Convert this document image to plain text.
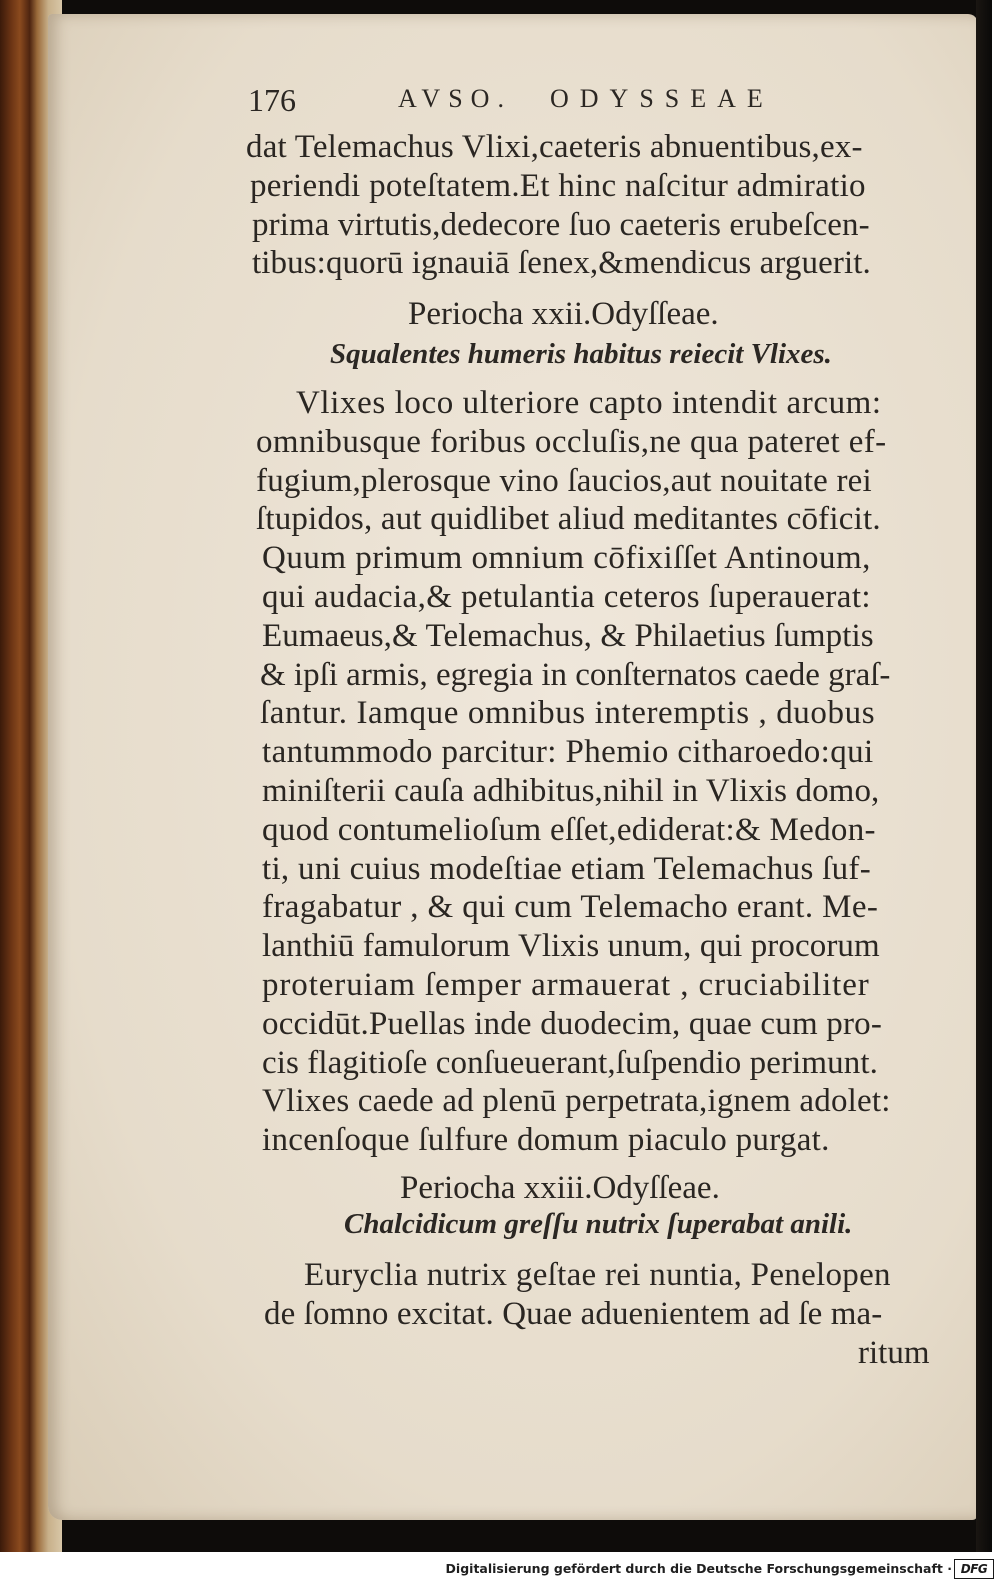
176	AVSO. ODYSSEAE
dat Telemachus Vlixi,caeteris abnuentibus,ex-
periendi poteſtatem.Et hinc naſcitur admiratio
prima virtutis,dedecore ſuo caeteris erubeſcen-
tibus:quorū ignauiā ſenex,&mendicus arguerit.
Periocha xxii.Odyſſeae.
Squalentes humeris habitus reiecit Vlixes.
Vlixes loco ulteriore capto intendit arcum:
omnibusque foribus occluſis,ne qua pateret ef-
fugium,plerosque vino ſaucios,aut nouitate rei
ſtupidos, aut quidlibet aliud meditantes cōficit.
Quum primum omnium cōfixiſſet Antinoum,
qui audacia,& petulantia ceteros ſuperauerat:
Eumaeus,& Telemachus, & Philaetius ſumptis
& ipſi armis, egregia in conſternatos caede graſ-
ſantur. Iamque omnibus interemptis , duobus
tantummodo parcitur: Phemio citharoedo:qui
miniſterii cauſa adhibitus,nihil in Vlixis domo,
quod contumelioſum eſſet,ediderat:& Medon-
ti, uni cuius modeſtiae etiam Telemachus ſuf-
fragabatur , & qui cum Telemacho erant. Me-
lanthiū famulorum Vlixis unum, qui procorum
proteruiam ſemper armauerat , cruciabiliter
occidūt.Puellas inde duodecim, quae cum pro-
cis flagitioſe conſueuerant,ſuſpendio perimunt.
Vlixes caede ad plenū perpetrata,ignem adolet:
incenſoque ſulfure domum piaculo purgat.
Periocha xxiii.Odyſſeae.
Chalcidicum greſſu nutrix ſuperabat anili.
Euryclia nutrix geſtae rei nuntia, Penelopen
de ſomno excitat. Quae aduenientem ad ſe ma-
ritum
Digitalisierung gefördert durch die Deutsche Forschungsgemeinschaft · DFG
